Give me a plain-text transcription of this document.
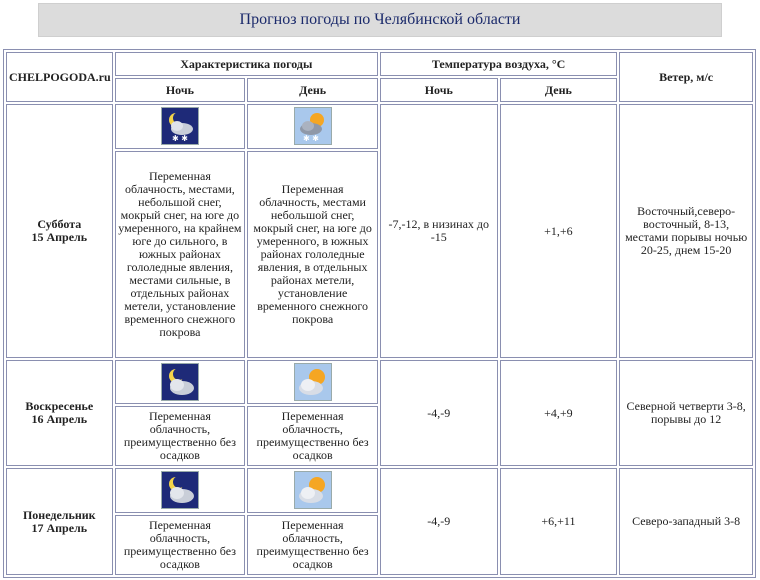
Прогноз погоды по Челябинской области
CHELPOGODA.ru	Характеристика погоды		Температура воздуха, °С		Ветер, м/с
	Ночь	День	Ночь	День	
Суббота
15 Апрель	✱ ✱	✱ ✱	-7,-12, в низинах до -15	+1,+6	Восточный,северо-восточный, 8-13, местами порывы ночью 20-25, днем 15-20
	Переменная облачность, местами, небольшой снег, мокрый снег, на юге до умеренного, на крайнем юге до сильного, в южных районах гололедные явления, местами сильные, в отдельных районах метели, установление временного снежного покрова	Переменная облачность, местами небольшой снег, мокрый снег, на юге до умеренного, в южных районах гололедные явления, в отдельных районах метели, установление временного снежного покрова			
Воскресенье
16 Апрель			-4,-9	+4,+9	Северной четверти 3-8, порывы до 12
	Переменная облачность, преимущественно без осадков	Переменная облачность, преимущественно без осадков			
Понедельник
17 Апрель			-4,-9	+6,+11	Северо-западный 3-8
	Переменная облачность, преимущественно без осадков	Переменная облачность, преимущественно без осадков			
